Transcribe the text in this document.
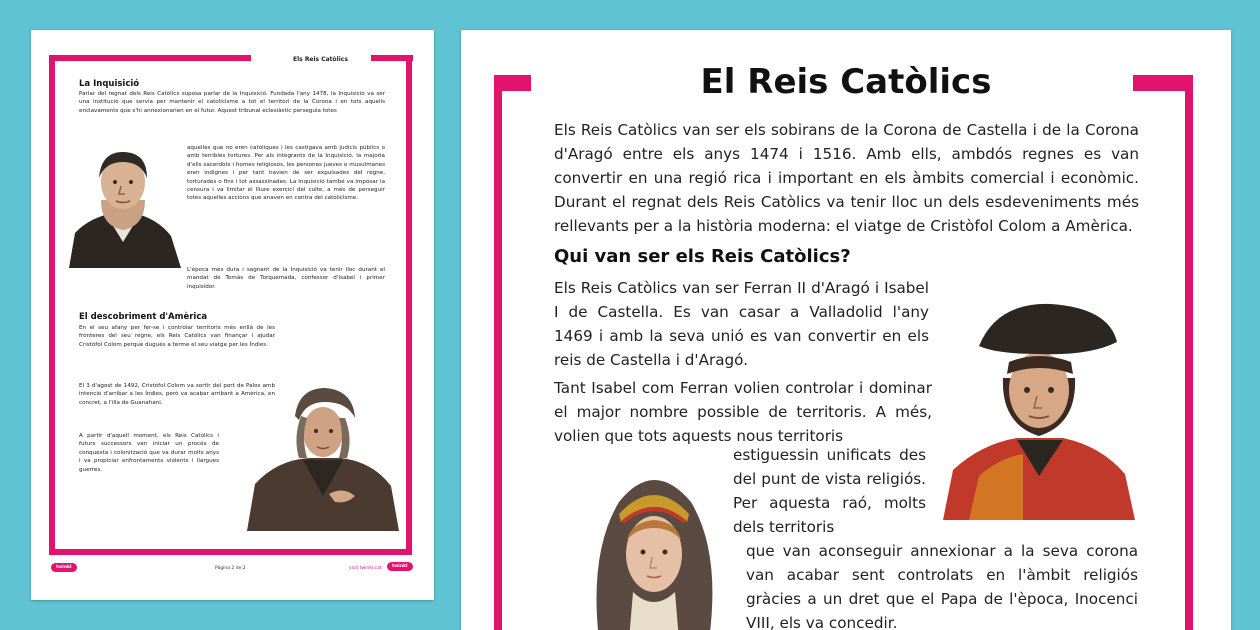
Els Reis Catòlics
La Inquisició
Parlar del regnat dels Reis Catòlics suposa parlar de la Inquisició. Fundada l'any 1478, la Inquisició va ser una institució que servia per mantenir el catolicisme a tot el territori de la Corona i en tots aquells enclavaments que s'hi annexionarien en el futur. Aquest tribunal eclesiàstic perseguia totes
aquelles que no eren catòliques i les castigava amb judicis públics o amb terribles tortures. Per als integrants de la Inquisició, la majoria d'ells sacerdots i homes religiosos, les persones jueves o musulmanes eren indignes i per tant havien de ser expulsades del regne, torturades o fins i tot assassinades. La Inquisició també va imposar la censura i va limitar el lliure exercici del culte, a més de perseguir totes aquelles accions que anaven en contra del catolicisme.
L'època més dura i sagnant de la Inquisició va tenir lloc durant el mandat de Tomàs de Torquemada, confessor d'Isabel i primer inquisidor.
El descobriment d'Amèrica
En el seu afany per fer-se i controlar territoris més enllà de les fronteres del seu regne, els Reis Catòlics van finançar i ajudar Cristòfol Colom perquè dugués a terme el seu viatge per les Índies.
El 3 d'agost de 1492, Cristòfol Colom va sortir del port de Palos amb intenció d'arribar a les Índies, però va acabar arribant a Amèrica, en concret, a l'illa de Guanahani.
A partir d'aquell moment, els Reis Catòlics i futurs successors van iniciar un procés de conquesta i colonització que va durar molts anys i va propiciar enfrontaments violents i llargues guerres.
twinkl	Pàgina 2 de 2	visit twinkl.cat	twinkl
El Reis Catòlics
Els Reis Catòlics van ser els sobirans de la Corona de Castella i de la Corona d'Aragó entre els anys 1474 i 1516. Amb ells, ambdós regnes es van convertir en una regió rica i important en els àmbits comercial i econòmic. Durant el regnat dels Reis Catòlics va tenir lloc un dels esdeveniments més rellevants per a la història moderna: el viatge de Cristòfol Colom a Amèrica.
Qui van ser els Reis Catòlics?
Els Reis Catòlics van ser Ferran II d'Aragó i Isabel I de Castella. Es van casar a Valladolid l'any 1469 i amb la seva unió es van convertir en els reis de Castella i d'Aragó.
Tant Isabel com Ferran volien controlar i dominar el major nombre possible de territoris. A més, volien que tots aquests nous territoris
estiguessin unificats des del punt de vista religiós. Per aquesta raó, molts dels territoris
que van aconseguir annexionar a la seva corona van acabar sent controlats en l'àmbit religiós gràcies a un dret que el Papa de l'època, Inocenci VIII, els va concedir.
